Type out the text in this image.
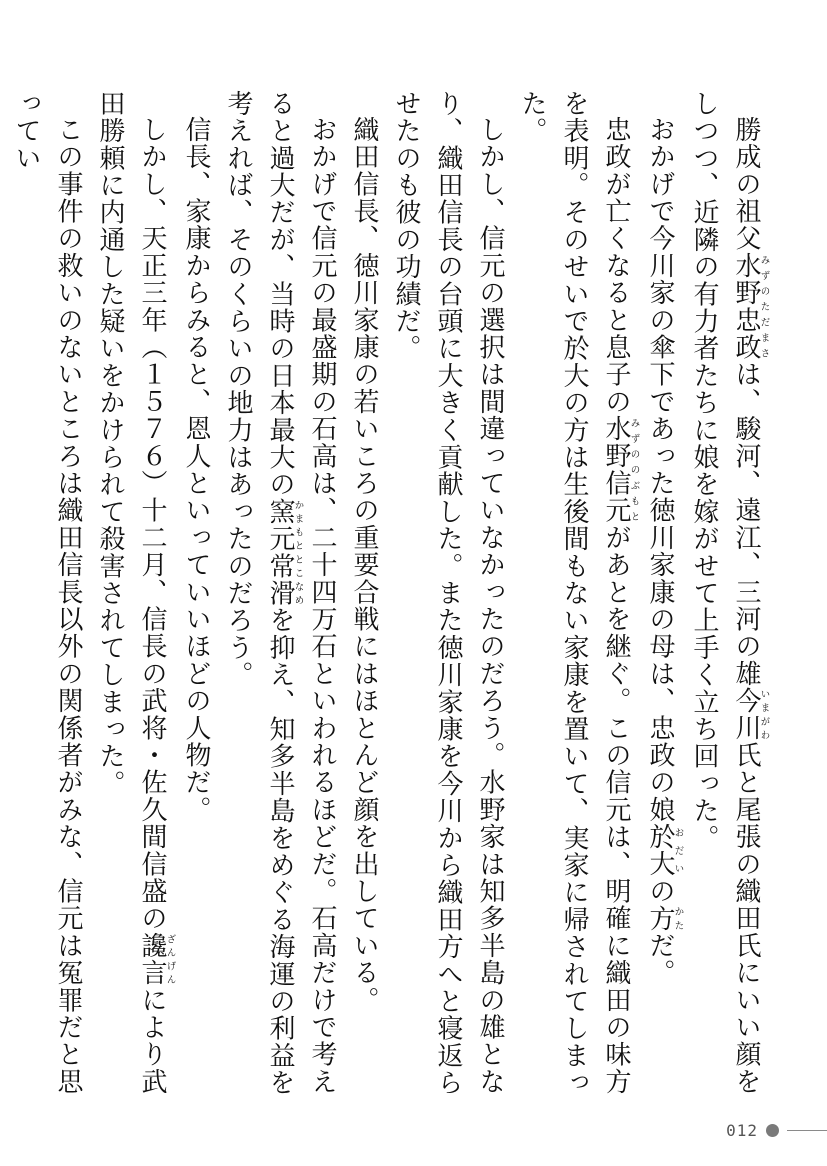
勝成の祖父水野忠政みずのただまさは、駿河、遠江、三河の雄今川いまがわ氏と尾張の織田氏にいい顔をしつつ、近隣の有力者たちに娘を嫁がせて上手く立ち回った。

おかげで今川家の傘下であった徳川家康の母は、忠政の娘於大おだいの方かただ。

忠政が亡くなると息子の水野信元みずののぶもとがあとを継ぐ。この信元は、明確に織田の味方を表明。そのせいで於大の方は生後間もない家康を置いて、実家に帰されてしまった。

しかし、信元の選択は間違っていなかったのだろう。水野家は知多半島の雄となり、織田信長の台頭に大きく貢献した。また徳川家康を今川から織田方へと寝返らせたのも彼の功績だ。

織田信長、徳川家康の若いころの重要合戦にはほとんど顔を出している。

おかげで信元の最盛期の石高は、二十四万石といわれるほどだ。石高だけで考えると過大だが、当時の日本最大の窯元常滑かまもととこなめを抑え、知多半島をめぐる海運の利益を考えれば、そのくらいの地力はあったのだろう。

信長、家康からみると、恩人といっていいほどの人物だ。

しかし、天正三年（１５７６）十二月、信長の武将・佐久間信盛の讒言ざんげんにより武田勝頼に内通した疑いをかけられて殺害されてしまった。

この事件の救いのないところは織田信長以外の関係者がみな、信元は冤罪だと思ってい

012
